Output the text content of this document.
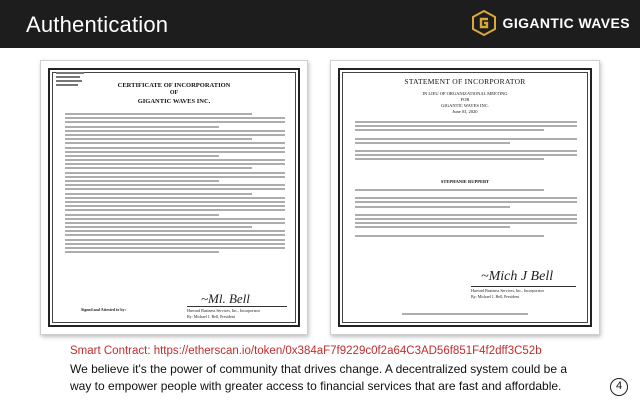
Authentication	GIGANTIC WAVES
CERTIFICATE OF INCORPORATION
OF
GIGANTIC WAVES INC.
~Ml. Bell
Signed and Attested to by:	Harvard Business Services, Inc., Incorporator
By: Michael J. Bell, President
STATEMENT OF INCORPORATOR
IN LIEU OF ORGANIZATIONAL MEETING
FOR
GIGANTIC WAVES INC.
June 03, 2020
STEPHANIE RUPPERT
~Mich J Bell
Harvard Business Services, Inc., Incorporator
By: Michael J. Bell, President
Smart Contract: https://etherscan.io/token/0x384aF7f9229c0f2a64C3AD56f851F4f2dff3C52b
We believe it's the power of community that drives change. A decentralized system could be a way to empower people with greater access to financial services that are fast and affordable.	4
